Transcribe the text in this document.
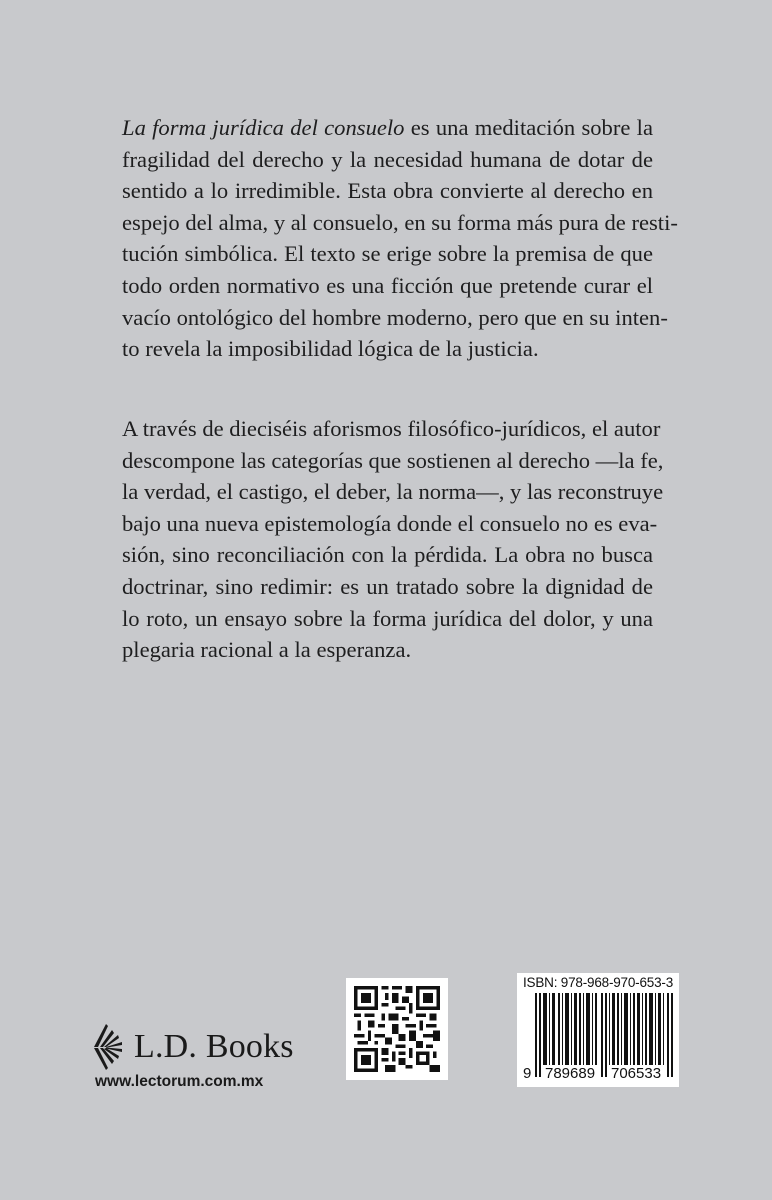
La forma jurídica del consuelo es una meditación sobre la
fragilidad del derecho y la necesidad humana de dotar de
sentido a lo irredimible. Esta obra convierte al derecho en
espejo del alma, y al consuelo, en su forma más pura de resti-
tución simbólica. El texto se erige sobre la premisa de que
todo orden normativo es una ficción que pretende curar el
vacío ontológico del hombre moderno, pero que en su inten-
to revela la imposibilidad lógica de la justicia.
A través de dieciséis aforismos filosófico-jurídicos, el autor
descompone las categorías que sostienen al derecho —la fe,
la verdad, el castigo, el deber, la norma—, y las reconstruye
bajo una nueva epistemología donde el consuelo no es eva-
sión, sino reconciliación con la pérdida. La obra no busca
doctrinar, sino redimir: es un tratado sobre la dignidad de
lo roto, un ensayo sobre la forma jurídica del dolor, y una
plegaria racional a la esperanza.
L.D. Books
www.lectorum.com.mx
ISBN: 978-968-970-653-3
9 789689 706533
